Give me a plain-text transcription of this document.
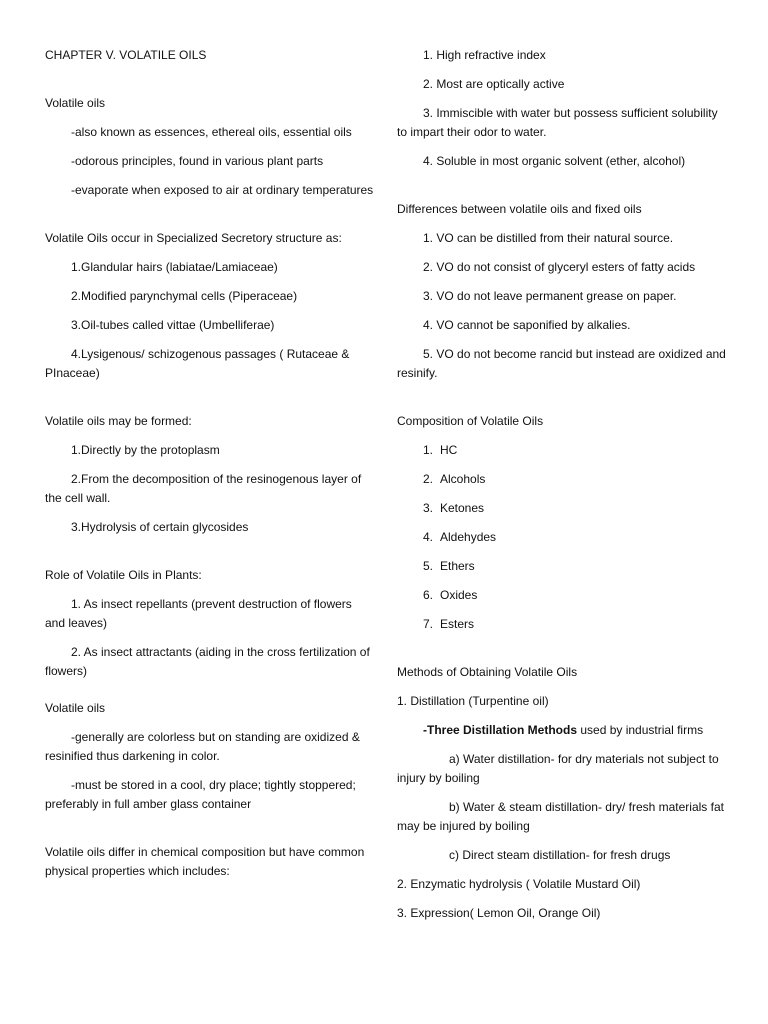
CHAPTER V. VOLATILE OILS

Volatile oils

-also known as essences, ethereal oils, essential oils

-odorous principles, found in various plant parts

-evaporate when exposed to air at ordinary temperatures

Volatile Oils occur in Specialized Secretory structure as:

1.Glandular hairs (labiatae/Lamiaceae)

2.Modified parynchymal cells (Piperaceae)

3.Oil-tubes called vittae (Umbelliferae)

4.Lysigenous/ schizogenous passages ( Rutaceae & PInaceae)

Volatile oils may be formed:

1.Directly by the protoplasm

2.From the decomposition of the resinogenous layer of the cell wall.

3.Hydrolysis of certain glycosides

Role of Volatile Oils in Plants:

1. As insect repellants (prevent destruction of flowers and leaves)

2. As insect attractants (aiding in the cross fertilization of flowers)

Volatile oils

-generally are colorless but on standing are oxidized & resinified thus darkening in color.

-must be stored in a cool, dry place; tightly stoppered; preferably in full amber glass container

Volatile oils differ in chemical composition but have common physical properties which includes:

1. High refractive index

2. Most are optically active

3. Immiscible with water but possess sufficient solubility to impart their odor to water.

4. Soluble in most organic solvent (ether, alcohol)

Differences between volatile oils and fixed oils

1. VO can be distilled from their natural source.

2. VO do not consist of glyceryl esters of fatty acids

3. VO do not leave permanent grease on paper.

4. VO cannot be saponified by alkalies.

5. VO do not become rancid but instead are oxidized and resinify.

Composition of Volatile Oils

1. HC
2. Alcohols
3. Ketones
4. Aldehydes
5. Ethers
6. Oxides
7. Esters

Methods of Obtaining Volatile Oils

1. Distillation (Turpentine oil)

-Three Distillation Methods used by industrial firms

a) Water distillation- for dry materials not subject to injury by boiling

b) Water & steam distillation- dry/ fresh materials fat may be injured by boiling

c) Direct steam distillation- for fresh drugs

2. Enzymatic hydrolysis ( Volatile Mustard Oil)

3. Expression( Lemon Oil, Orange Oil)
